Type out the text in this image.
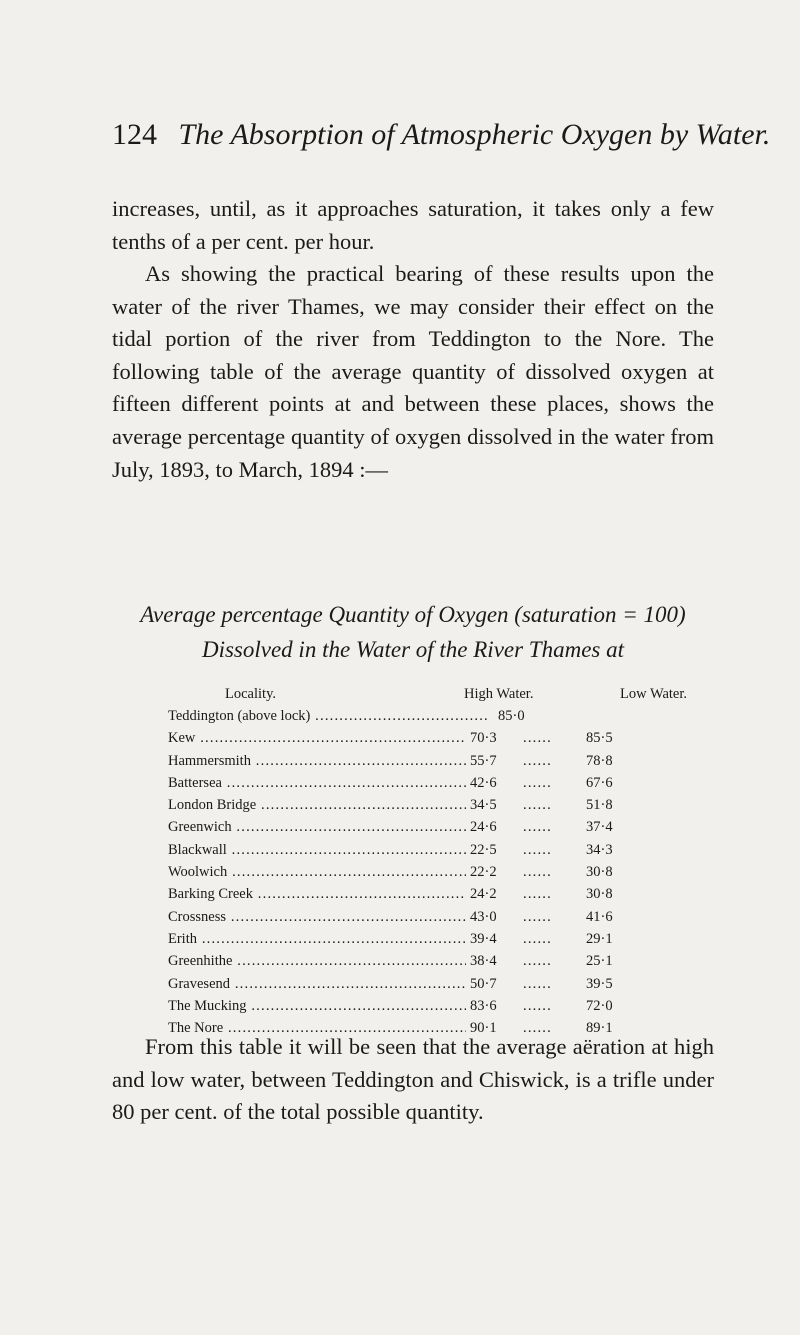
124 The Absorption of Atmospheric Oxygen by Water.
increases, until, as it approaches saturation, it takes only a few tenths of a per cent. per hour.
As showing the practical bearing of these results upon the water of the river Thames, we may consider their effect on the tidal portion of the river from Teddington to the Nore. The following table of the average quantity of dissolved oxygen at fifteen different points at and between these places, shows the average percentage quantity of oxygen dissolved in the water from July, 1893, to March, 1894 :—
Average percentage Quantity of Oxygen (saturation = 100)
Dissolved in the Water of the River Thames at
Locality.	High Water.	Low Water.
Teddington (above lock) .....	85·0
Kew .....	70·3	...... 85·5
Hammersmith .....	55·7	...... 78·8
Battersea .....	42·6	...... 67·6
London Bridge .....	34·5	...... 51·8
Greenwich .....	24·6	...... 37·4
Blackwall .....	22·5	...... 34·3
Woolwich .....	22·2	...... 30·8
Barking Creek .....	24·2	...... 30·8
Crossness .....	43·0	...... 41·6
Erith .....	39·4	...... 29·1
Greenhithe .....	38·4	...... 25·1
Gravesend .....	50·7	...... 39·5
The Mucking .....	83·6	...... 72·0
The Nore .....	90·1	...... 89·1
From this table it will be seen that the average aëration at high and low water, between Teddington and Chiswick, is a trifle under 80 per cent. of the total possible quantity.
